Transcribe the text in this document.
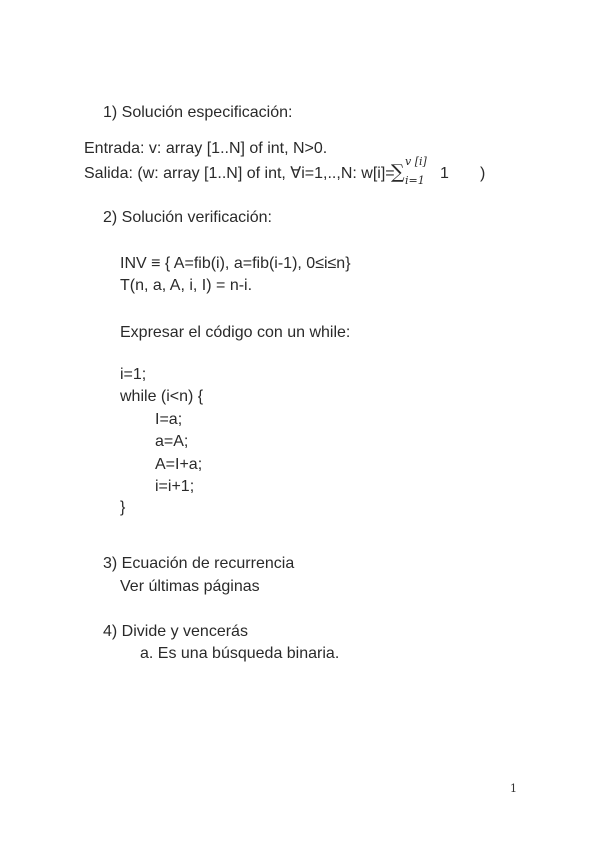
1) Solución especificación:
Entrada: v: array [1..N] of int, N>0.
Salida: (w: array [1..N] of int, ∀i=1,..,N: w[i]=
∑ v [i]
i=1 1 )
2) Solución verificación:
INV ≡ { A=fib(i), a=fib(i-1), 0≤i≤n}
T(n, a, A, i, I) = n-i.
Expresar el código con un while:
i=1;
while (i<n) {
I=a;
a=A;
A=I+a;
i=i+1;
}
3) Ecuación de recurrencia
Ver últimas páginas
4) Divide y vencerás
a. Es una búsqueda binaria.
1
